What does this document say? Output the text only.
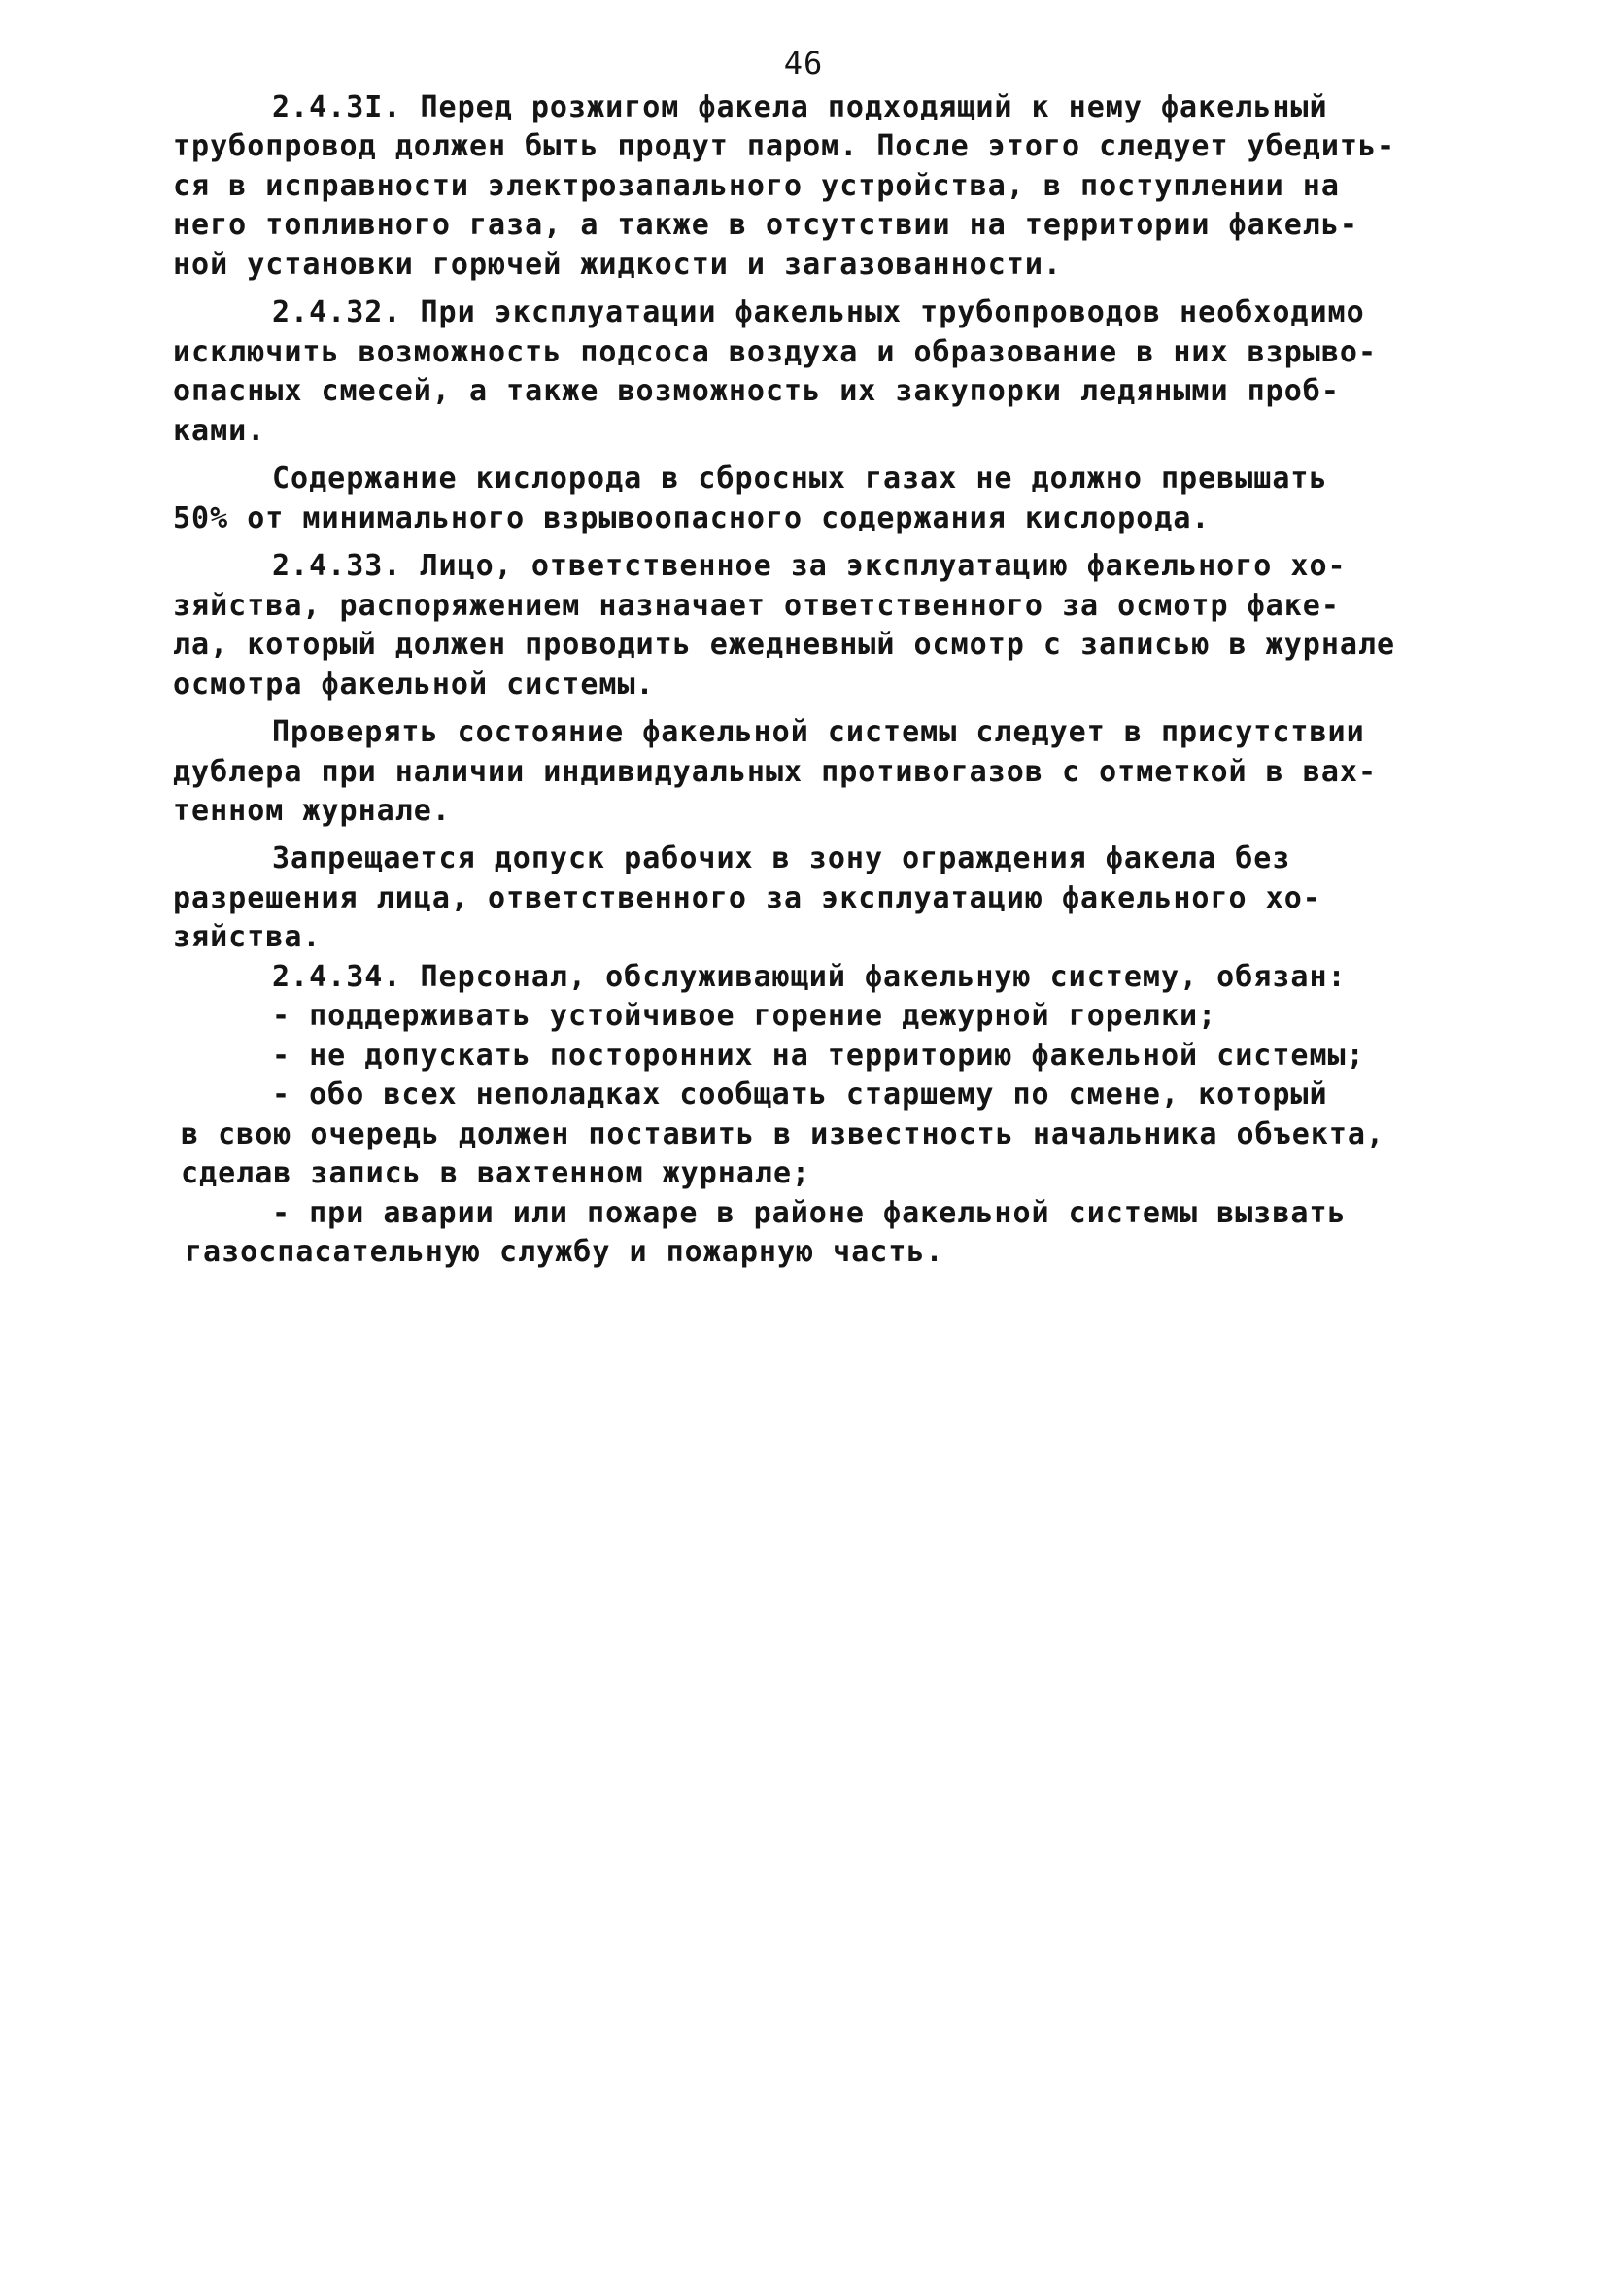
46
2.4.3I. Перед розжигом факела подходящий к нему факельный
трубопровод должен быть продут паром. После этого следует убедить-
ся в исправности электрозапального устройства, в поступлении на
него топливного газа, а также в отсутствии на территории факель-
ной установки горючей жидкости и загазованности.
2.4.32. При эксплуатации факельных трубопроводов необходимо
исключить возможность подсоса воздуха и образование в них взрыво-
опасных смесей, а также возможность их закупорки ледяными проб-
ками.
Содержание кислорода в сбросных газах не должно превышать
50% от минимального взрывоопасного содержания кислорода.
2.4.33. Лицо, ответственное за эксплуатацию факельного хо-
зяйства, распоряжением назначает ответственного за осмотр факе-
ла, который должен проводить ежедневный осмотр с записью в журнале
осмотра факельной системы.
Проверять состояние факельной системы следует в присутствии
дублера при наличии индивидуальных противогазов с отметкой в вах-
тенном журнале.
Запрещается допуск рабочих в зону ограждения факела без
разрешения лица, ответственного за эксплуатацию факельного хо-
зяйства.
2.4.34. Персонал, обслуживающий факельную систему, обязан:
- поддерживать устойчивое горение дежурной горелки;
- не допускать посторонних на территорию факельной системы;
- обо всех неполадках сообщать старшему по смене, который
в свою очередь должен поставить в известность начальника объекта,
сделав запись в вахтенном журнале;
- при аварии или пожаре в районе факельной системы вызвать
газоспасательную службу и пожарную часть.
